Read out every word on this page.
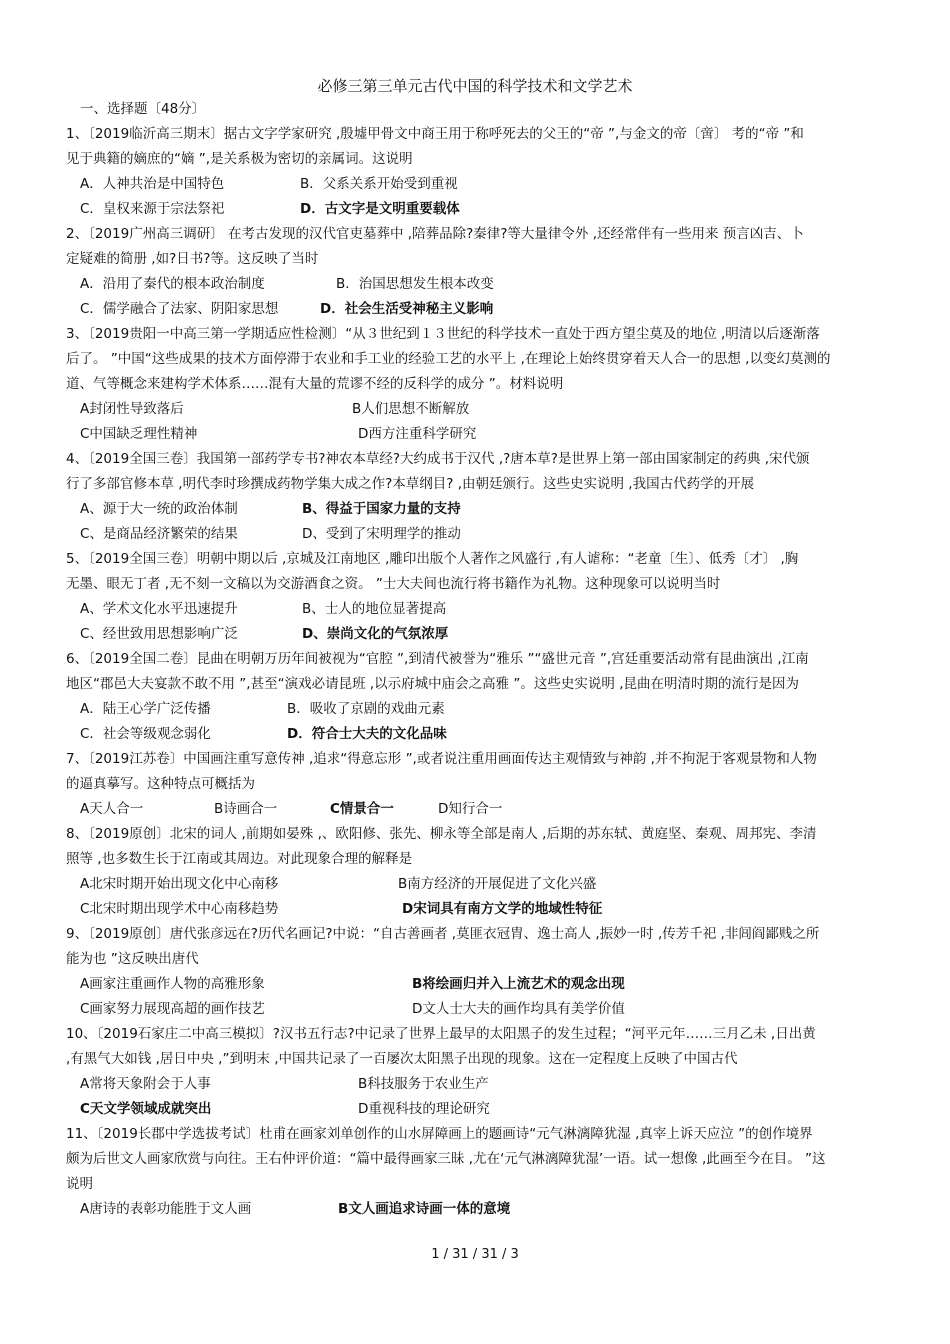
必修三第三单元古代中国的科学技术和文学艺术
一、选择题〔48分〕
1、〔2019临沂高三期末〕据古文字学家研究 ,殷墟甲骨文中商王用于称呼死去的父王的“帝 ”,与金文的帝〔啻〕 考的“帝 ”和
见于典籍的嫡庶的“嫡 ”,是关系极为密切的亲属词。这说明
A．人神共治是中国特色	B．父系关系开始受到重视
C．皇权来源于宗法祭祀	D．古文字是文明重要载体
2、〔2019广州高三调研〕 在考古发现的汉代官吏墓葬中 ,陪葬品除?秦律?等大量律令外 ,还经常伴有一些用来 预言凶吉、卜
定疑难的简册 ,如?日书?等。这反映了当时
A．沿用了秦代的根本政治制度	B．治国思想发生根本改变
C．儒学融合了法家、阴阳家思想	D．社会生活受神秘主义影响
3、〔2019贵阳一中高三第一学期适应性检测〕“从３世纪到１３世纪的科学技术一直处于西方望尘莫及的地位 ,明清以后逐渐落
后了。 ”中国“这些成果的技术方面停滞于农业和手工业的经验工艺的水平上 ,在理论上始终贯穿着天人合一的思想 ,以变幻莫测的
道、气等概念来建构学术体系……混有大量的荒谬不经的反科学的成分 ”。材料说明
A封闭性导致落后	B人们思想不断解放
C中国缺乏理性精神	D西方注重科学研究
4、〔2019全国三卷〕我国第一部药学专书?神农本草经?大约成书于汉代 ,?唐本草?是世界上第一部由国家制定的药典 ,宋代颁
行了多部官修本草 ,明代李时珍撰成药物学集大成之作?本草纲目? ,由朝廷颁行。这些史实说明 ,我国古代药学的开展
A、源于大一统的政治体制	B、得益于国家力量的支持
C、是商品经济繁荣的结果	D、受到了宋明理学的推动
5、〔2019全国三卷〕明朝中期以后 ,京城及江南地区 ,雕印出版个人著作之风盛行 ,有人谑称：“老童〔生〕、低秀〔才〕 ,胸
无墨、眼无丁者 ,无不刻一文稿以为交游酒食之资。 ”士大夫间也流行将书籍作为礼物。这种现象可以说明当时
A、学术文化水平迅速提升	B、士人的地位显著提高
C、经世致用思想影响广泛	D、崇尚文化的气氛浓厚
6、〔2019全国二卷〕昆曲在明朝万历年间被视为“官腔 ”,到清代被誉为“雅乐 ”“盛世元音 ”,宫廷重要活动常有昆曲演出 ,江南
地区“郡邑大夫宴款不敢不用 ”,甚至“演戏必请昆班 ,以示府城中庙会之高雅 ”。这些史实说明 ,昆曲在明清时期的流行是因为
A．陆王心学广泛传播	B．吸收了京剧的戏曲元素
C．社会等级观念弱化	D．符合士大夫的文化品味
7、〔2019江苏卷〕中国画注重写意传神 ,追求“得意忘形 ”,或者说注重用画面传达主观情致与神韵 ,并不拘泥于客观景物和人物
的逼真摹写。这种特点可概括为
A天人合一	B诗画合一	C情景合一	D知行合一
8、〔2019原创〕北宋的词人 ,前期如晏殊 ,、欧阳修、张先、柳永等全部是南人 ,后期的苏东轼、黄庭坚、秦观、周邦宪、李清
照等 ,也多数生长于江南或其周边。对此现象合理的解释是
A北宋时期开始出现文化中心南移	B南方经济的开展促进了文化兴盛
C北宋时期出现学术中心南移趋势	D宋词具有南方文学的地域性特征
9、〔2019原创〕唐代张彦远在?历代名画记?中说：“自古善画者 ,莫匪衣冠胄、逸士高人 ,振妙一时 ,传芳千祀 ,非闾阎鄙贱之所
能为也 ”这反映出唐代
A画家注重画作人物的高雅形象	B将绘画归并入上流艺术的观念出现
C画家努力展现高超的画作技艺	D文人士大夫的画作均具有美学价值
10、〔2019石家庄二中高三模拟〕?汉书五行志?中记录了世界上最早的太阳黑子的发生过程；“河平元年……三月乙未 ,日出黄
,有黑气大如钱 ,居日中央 ,”到明末 ,中国共记录了一百屡次太阳黑子出现的现象。这在一定程度上反映了中国古代
A常将天象附会于人事	B科技服务于农业生产
C天文学领域成就突出	D重视科技的理论研究
11、〔2019长郡中学选拔考试〕杜甫在画家刘单创作的山水屏障画上的题画诗“元气淋漓障犹湿 ,真宰上诉天应泣 ”的创作境界
颇为后世文人画家欣赏与向往。王右仲评价道：“篇中最得画家三昧 ,尤在‘元气淋漓障犹湿’一语。试一想像 ,此画至今在目。 ”这
说明
A唐诗的表彰功能胜于文人画	B文人画追求诗画一体的意境
1 / 31 / 31 / 3
